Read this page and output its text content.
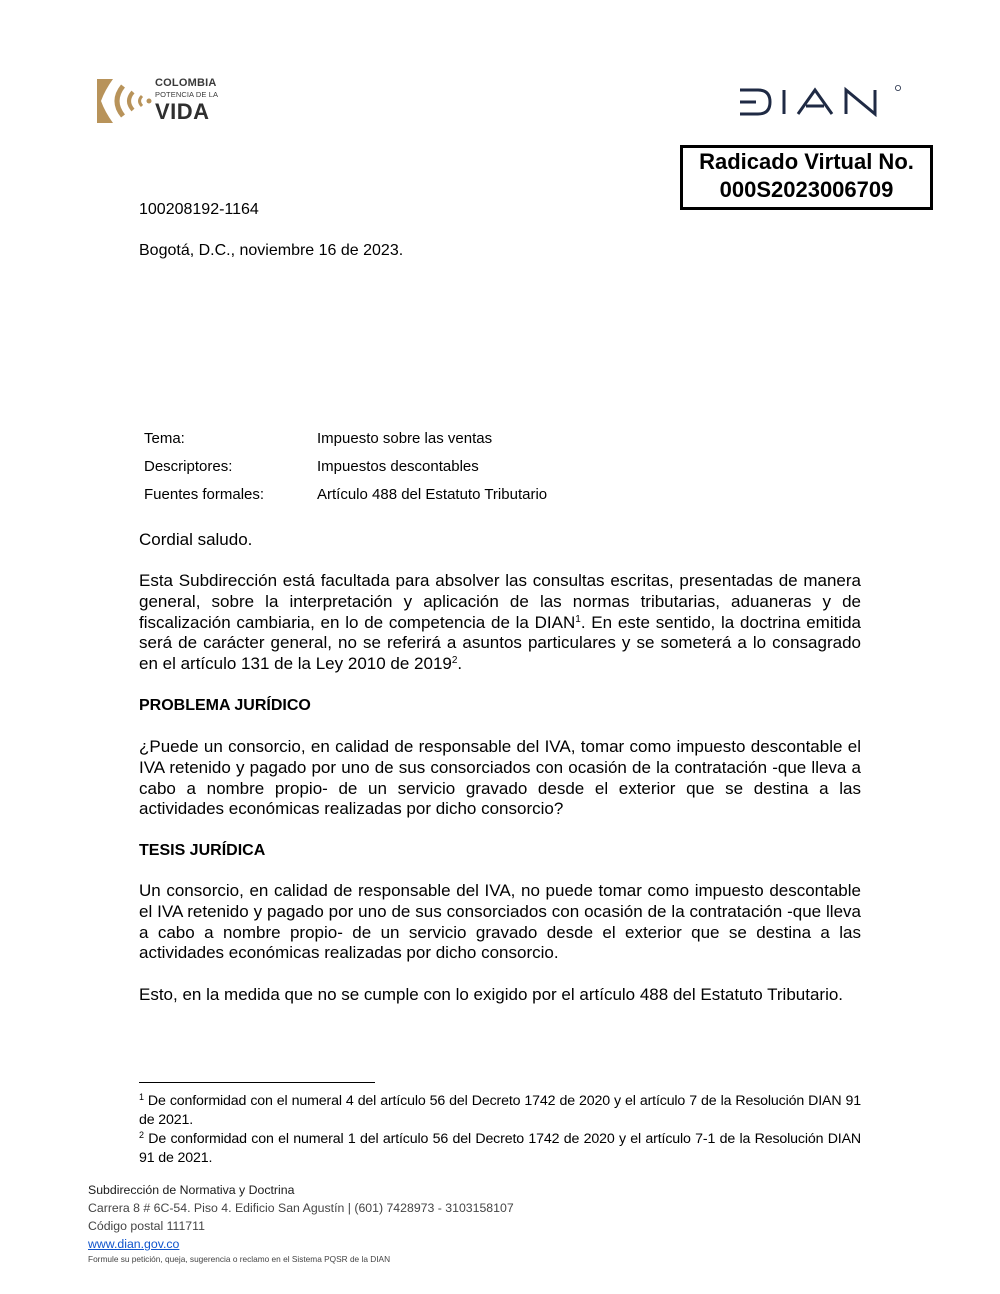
COLOMBIA
POTENCIA DE LA
VIDA
Radicado Virtual No.
000S2023006709
100208192-1164
Bogotá, D.C., noviembre 16 de 2023.
Tema:	Impuesto sobre las ventas
Descriptores:	Impuestos descontables
Fuentes formales:	Artículo 488 del Estatuto Tributario
Cordial saludo.
Esta Subdirección está facultada para absolver las consultas escritas, presentadas de manera general, sobre la interpretación y aplicación de las normas tributarias, aduaneras y de fiscalización cambiaria, en lo de competencia de la DIAN$^1$. En este sentido, la doctrina emitida será de carácter general, no se referirá a asuntos particulares y se someterá a lo consagrado en el artículo 131 de la Ley 2010 de 2019$^2$.
PROBLEMA JURÍDICO
¿Puede un consorcio, en calidad de responsable del IVA, tomar como impuesto descontable el IVA retenido y pagado por uno de sus consorciados con ocasión de la contratación -que lleva a cabo a nombre propio- de un servicio gravado desde el exterior que se destina a las actividades económicas realizadas por dicho consorcio?
TESIS JURÍDICA
Un consorcio, en calidad de responsable del IVA, no puede tomar como impuesto descontable el IVA retenido y pagado por uno de sus consorciados con ocasión de la contratación -que lleva a cabo a nombre propio- de un servicio gravado desde el exterior que se destina a las actividades económicas realizadas por dicho consorcio.
Esto, en la medida que no se cumple con lo exigido por el artículo 488 del Estatuto Tributario.
$^1$ De conformidad con el numeral 4 del artículo 56 del Decreto 1742 de 2020 y el artículo 7 de la Resolución DIAN 91 de 2021.
$^2$ De conformidad con el numeral 1 del artículo 56 del Decreto 1742 de 2020 y el artículo 7-1 de la Resolución DIAN 91 de 2021.
Subdirección de Normativa y Doctrina
Carrera 8 # 6C-54. Piso 4. Edificio San Agustín | (601) 7428973 - 3103158107
Código postal 111711
www.dian.gov.co
Formule su petición, queja, sugerencia o reclamo en el Sistema PQSR de la DIAN
